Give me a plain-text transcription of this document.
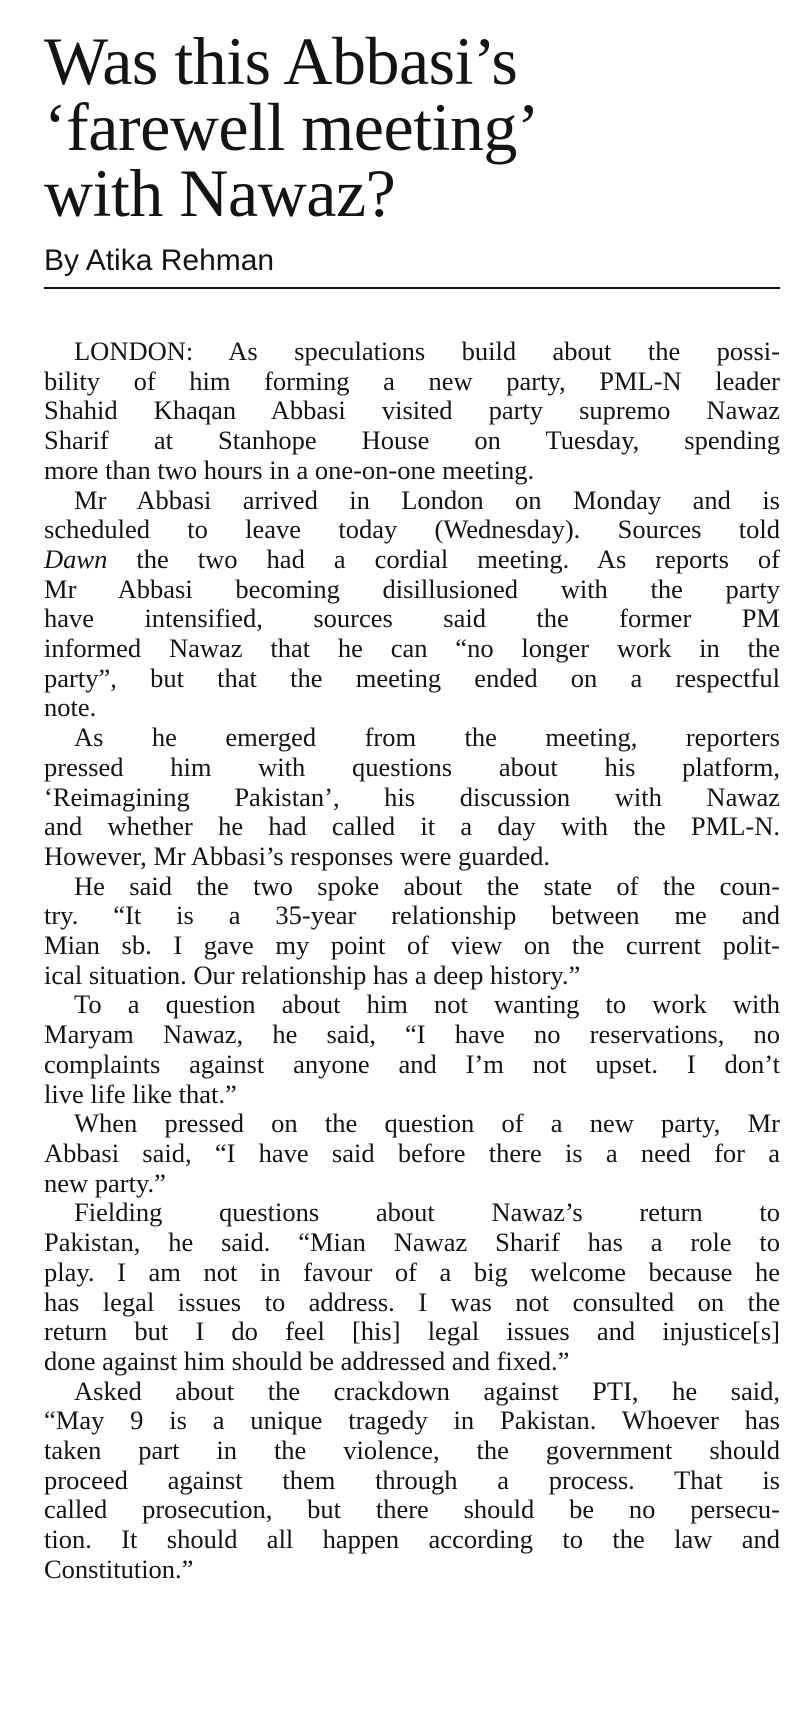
Was this Abbasi’s
‘farewell meeting’
with Nawaz?
By Atika Rehman

LONDON: As speculations build about the possi-
bility of him forming a new party, PML-N leader
Shahid Khaqan Abbasi visited party supremo Nawaz
Sharif at Stanhope House on Tuesday, spending
more than two hours in a one-on-one meeting.

Mr Abbasi arrived in London on Monday and is
scheduled to leave today (Wednesday). Sources told
Dawn the two had a cordial meeting. As reports of
Mr Abbasi becoming disillusioned with the party
have intensified, sources said the former PM
informed Nawaz that he can “no longer work in the
party”, but that the meeting ended on a respectful
note.

As he emerged from the meeting, reporters
pressed him with questions about his platform,
‘Reimagining Pakistan’, his discussion with Nawaz
and whether he had called it a day with the PML-N.
However, Mr Abbasi’s responses were guarded.

He said the two spoke about the state of the coun-
try. “It is a 35-year relationship between me and
Mian sb. I gave my point of view on the current polit-
ical situation. Our relationship has a deep history.”

To a question about him not wanting to work with
Maryam Nawaz, he said, “I have no reservations, no
complaints against anyone and I’m not upset. I don’t
live life like that.”

When pressed on the question of a new party, Mr
Abbasi said, “I have said before there is a need for a
new party.”

Fielding questions about Nawaz’s return to
Pakistan, he said. “Mian Nawaz Sharif has a role to
play. I am not in favour of a big welcome because he
has legal issues to address. I was not consulted on the
return but I do feel [his] legal issues and injustice[s]
done against him should be addressed and fixed.”

Asked about the crackdown against PTI, he said,
“May 9 is a unique tragedy in Pakistan. Whoever has
taken part in the violence, the government should
proceed against them through a process. That is
called prosecution, but there should be no persecu-
tion. It should all happen according to the law and
Constitution.”
